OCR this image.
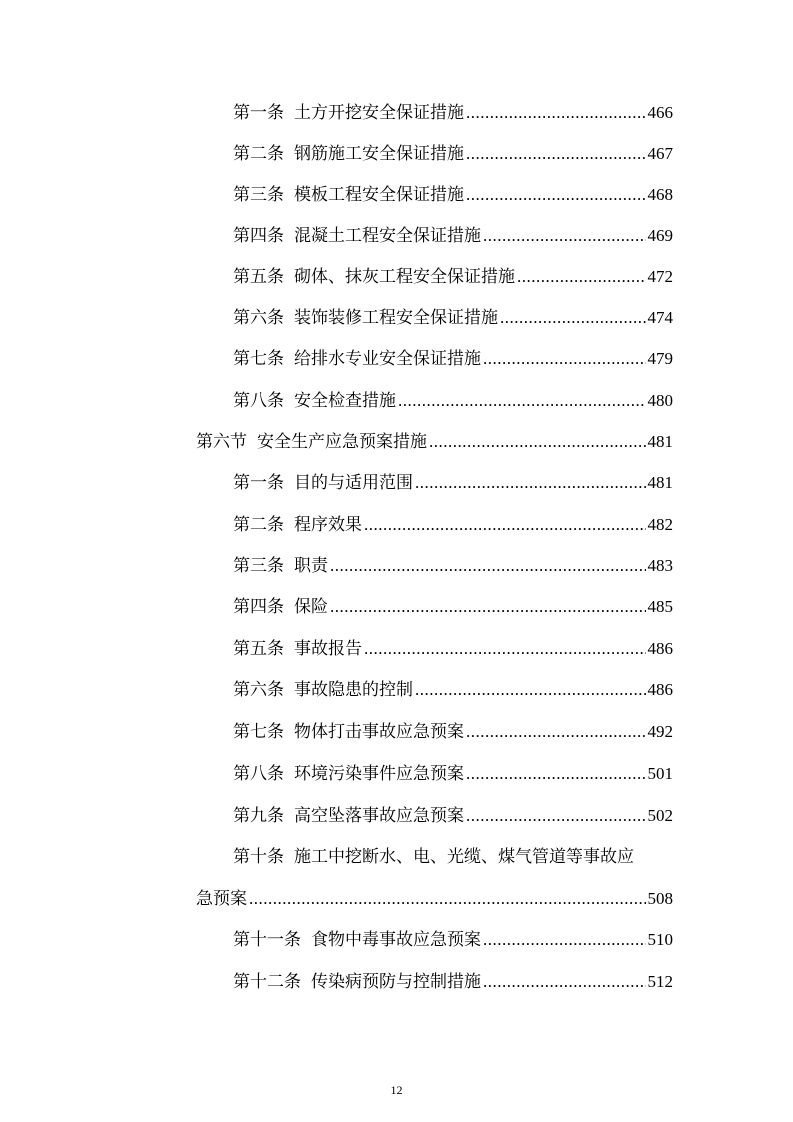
第一条 土方开挖安全保证措施 .....	466
第二条 钢筋施工安全保证措施 .....	467
第三条 模板工程安全保证措施 .....	468
第四条 混凝土工程安全保证措施 .....	469
第五条 砌体、抹灰工程安全保证措施 .....	472
第六条 装饰装修工程安全保证措施 .....	474
第七条 给排水专业安全保证措施 .....	479
第八条 安全检查措施 .....	480
第六节 安全生产应急预案措施 .....	481
第一条 目的与适用范围 .....	481
第二条 程序效果 .....	482
第三条 职责 .....	483
第四条 保险 .....	485
第五条 事故报告 .....	486
第六条 事故隐患的控制 .....	486
第七条 物体打击事故应急预案 .....	492
第八条 环境污染事件应急预案 .....	501
第九条 高空坠落事故应急预案 .....	502
第十条 施工中挖断水、电、光缆、煤气管道等事故应
急预案 .....	508
第十一条 食物中毒事故应急预案 .....	510
第十二条 传染病预防与控制措施 .....	512
12
